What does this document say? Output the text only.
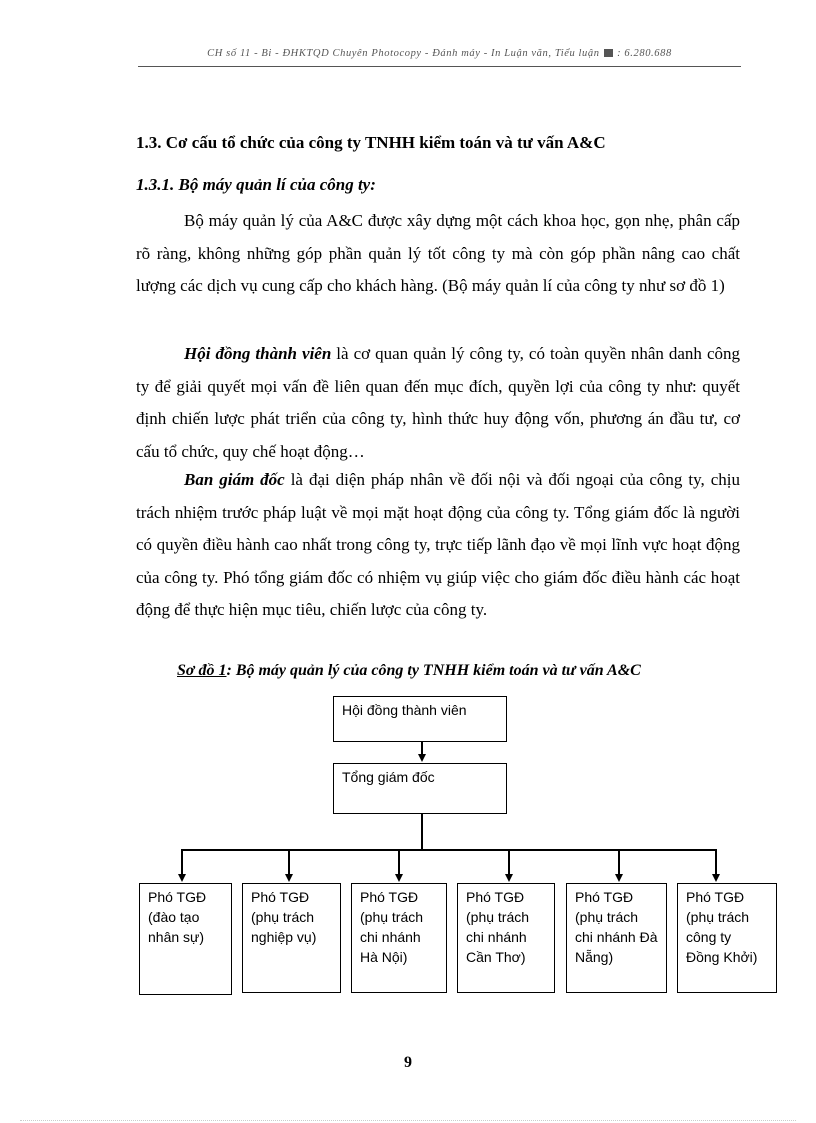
CH số 11 - Bi - ĐHKTQD Chuyên Photocopy - Đánh máy - In Luận văn, Tiểu luận : 6.280.688
1.3. Cơ cấu tổ chức của công ty TNHH kiểm toán và tư vấn A&C
1.3.1. Bộ máy quản lí của công ty:

Bộ máy quản lý của A&C được xây dựng một cách khoa học, gọn nhẹ, phân cấp rõ ràng, không những góp phần quản lý tốt công ty mà còn góp phần nâng cao chất lượng các dịch vụ cung cấp cho khách hàng. (Bộ máy quản lí của công ty như sơ đồ 1)

Hội đồng thành viên là cơ quan quản lý công ty, có toàn quyền nhân danh công ty để giải quyết mọi vấn đề liên quan đến mục đích, quyền lợi của công ty như: quyết định chiến lược phát triển của công ty, hình thức huy động vốn, phương án đầu tư, cơ cấu tổ chức, quy chế hoạt động…

Ban giám đốc là đại diện pháp nhân về đối nội và đối ngoại của công ty, chịu trách nhiệm trước pháp luật về mọi mặt hoạt động của công ty. Tổng giám đốc là người có quyền điều hành cao nhất trong công ty, trực tiếp lãnh đạo về mọi lĩnh vực hoạt động của công ty. Phó tổng giám đốc có nhiệm vụ giúp việc cho giám đốc điều hành các hoạt động để thực hiện mục tiêu, chiến lược của công ty.

Sơ đồ 1: Bộ máy quản lý của công ty TNHH kiểm toán và tư vấn A&C
Hội đồng thành viên
Tổng giám đốc
Phó TGĐ (đào tạo nhân sự)
Phó TGĐ (phụ trách nghiệp vụ)
Phó TGĐ (phụ trách chi nhánh Hà Nội)
Phó TGĐ (phụ trách chi nhánh Cần Thơ)
Phó TGĐ (phụ trách chi nhánh Đà Nẵng)
Phó TGĐ (phụ trách công ty Đồng Khởi)
9
